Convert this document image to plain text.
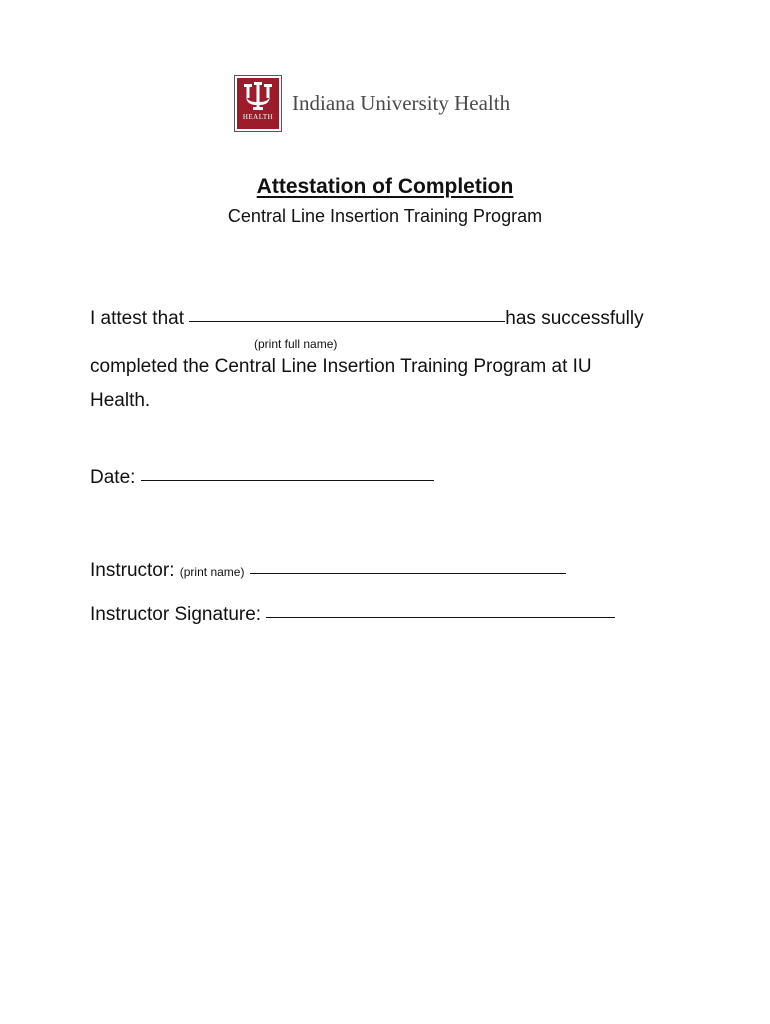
HEALTH
Indiana University Health
Attestation of Completion
Central Line Insertion Training Program
I attest that	has successfully
(print full name)
completed the Central Line Insertion Training Program at IU
Health.
Date:
Instructor: (print name)
Instructor Signature:
